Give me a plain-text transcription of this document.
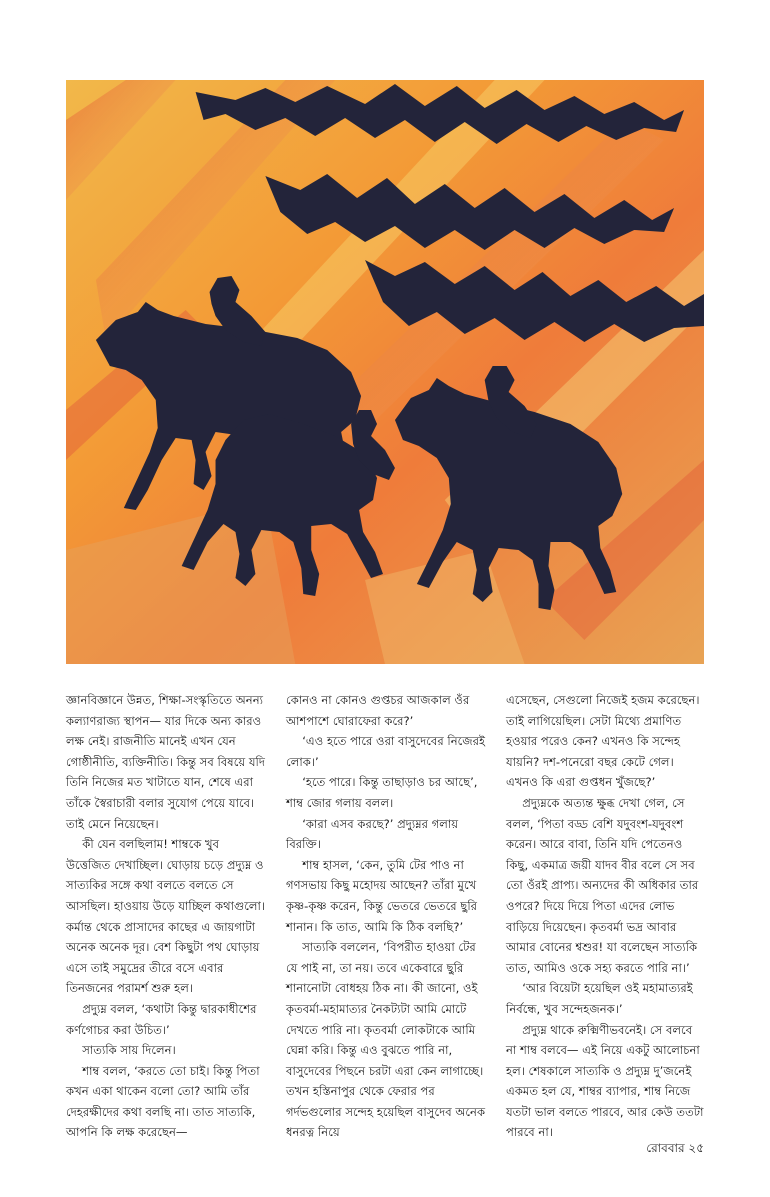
জ্ঞানবিজ্ঞানে উন্নত, শিক্ষা-সংস্কৃতিতে অনন্য কল্যাণরাজ্য স্থাপন— যার দিকে অন্য কারও লক্ষ নেই। রাজনীতি মানেই এখন যেন গোষ্ঠীনীতি, ব্যক্তিনীতি। কিন্তু সব বিষয়ে যদি তিনি নিজের মত খাটাতে যান, শেষে এরা তাঁকে স্বৈরাচারী বলার সুযোগ পেয়ে যাবে। তাই মেনে নিয়েছেন।

কী যেন বলছিলাম! শাম্বকে খুব উত্তেজিত দেখাচ্ছিল। ঘোড়ায় চড়ে প্রদ্যুম্ন ও সাত্যকির সঙ্গে কথা বলতে বলতে সে আসছিল। হাওয়ায় উড়ে যাচ্ছিল কথাগুলো। কর্মান্ত থেকে প্রাসাদের কাছের এ জায়গাটা অনেক অনেক দূর। বেশ কিছুটা পথ ঘোড়ায় এসে তাই সমুদ্রের তীরে বসে এবার তিনজনের পরামর্শ শুরু হল।

প্রদ্যুম্ন বলল, ‘কথাটা কিন্তু দ্বারকাধীশের কর্ণগোচর করা উচিত।’

সাত্যকি সায় দিলেন।

শাম্ব বলল, ‘করতে তো চাই। কিন্তু পিতা কখন একা থাকেন বলো তো? আমি তাঁর দেহরক্ষীদের কথা বলছি না। তাত সাত্যকি, আপনি কি লক্ষ করেছেন—

কোনও না কোনও গুপ্তচর আজকাল ওঁর আশপাশে ঘোরাফেরা করে?’

‘এও হতে পারে ওরা বাসুদেবের নিজেরই লোক।’

‘হতে পারে। কিন্তু তাছাড়াও চর আছে’, শাম্ব জোর গলায় বলল।

‘কারা এসব করছে?’ প্রদ্যুম্নর গলায় বিরক্তি।

শাম্ব হাসল, ‘কেন, তুমি টের পাও না গণসভায় কিছু মহোদয় আছেন? তাঁরা মুখে কৃষ্ণ-কৃষ্ণ করেন, কিন্তু ভেতরে ভেতরে ছুরি শানান। কি তাত, আমি কি ঠিক বলছি?’

সাত্যকি বললেন, ‘বিপরীত হাওয়া টের যে পাই না, তা নয়। তবে একেবারে ছুরি শানানোটা বোধহয় ঠিক না। কী জানো, ওই কৃতবর্মা-মহামাত্যর নৈকট্যটা আমি মোটে দেখতে পারি না। কৃতবর্মা লোকটাকে আমি ঘেন্না করি। কিন্তু এও বুঝতে পারি না, বাসুদেবের পিছনে চরটা এরা কেন লাগাচ্ছে। তখন হস্তিনাপুর থেকে ফেরার পর গর্দভগুলোর সন্দেহ হয়েছিল বাসুদেব অনেক ধনরত্ন নিয়ে

এসেছেন, সেগুলো নিজেই হজম করেছেন। তাই লাগিয়েছিল। সেটা মিথ্যে প্রমাণিত হওয়ার পরেও কেন? এখনও কি সন্দেহ যায়নি? দশ-পনেরো বছর কেটে গেল। এখনও কি এরা গুপ্তধন খুঁজছে?’

প্রদ্যুম্নকে অত্যন্ত ক্ষুব্ধ দেখা গেল, সে বলল, ‘পিতা বড্ড বেশি যদুবংশ-যদুবংশ করেন। আরে বাবা, তিনি যদি পেতেনও কিছু, একমাত্র জয়ী যাদব বীর বলে সে সব তো ওঁরই প্রাপ্য। অন্যদের কী অধিকার তার ওপরে? দিয়ে দিয়ে পিতা এদের লোভ বাড়িয়ে দিয়েছেন। কৃতবর্মা ভদ্র আবার আমার বোনের শ্বশুর! যা বলেছেন সাত্যকি তাত, আমিও ওকে সহ্য করতে পারি না।’

‘আর বিয়েটা হয়েছিল ওই মহামাত্যরই নির্বন্ধে, খুব সন্দেহজনক।’

প্রদ্যুম্ন থাকে রুক্মিণীভবনেই। সে বলবে না শাম্ব বলবে— এই নিয়ে একটু আলোচনা হল। শেষকালে সাত্যকি ও প্রদ্যুম্ন দু’জনেই একমত হল যে, শাম্বর ব্যাপার, শাম্ব নিজে যতটা ভাল বলতে পারবে, আর কেউ ততটা পারবে না।

রোববার ২৫
